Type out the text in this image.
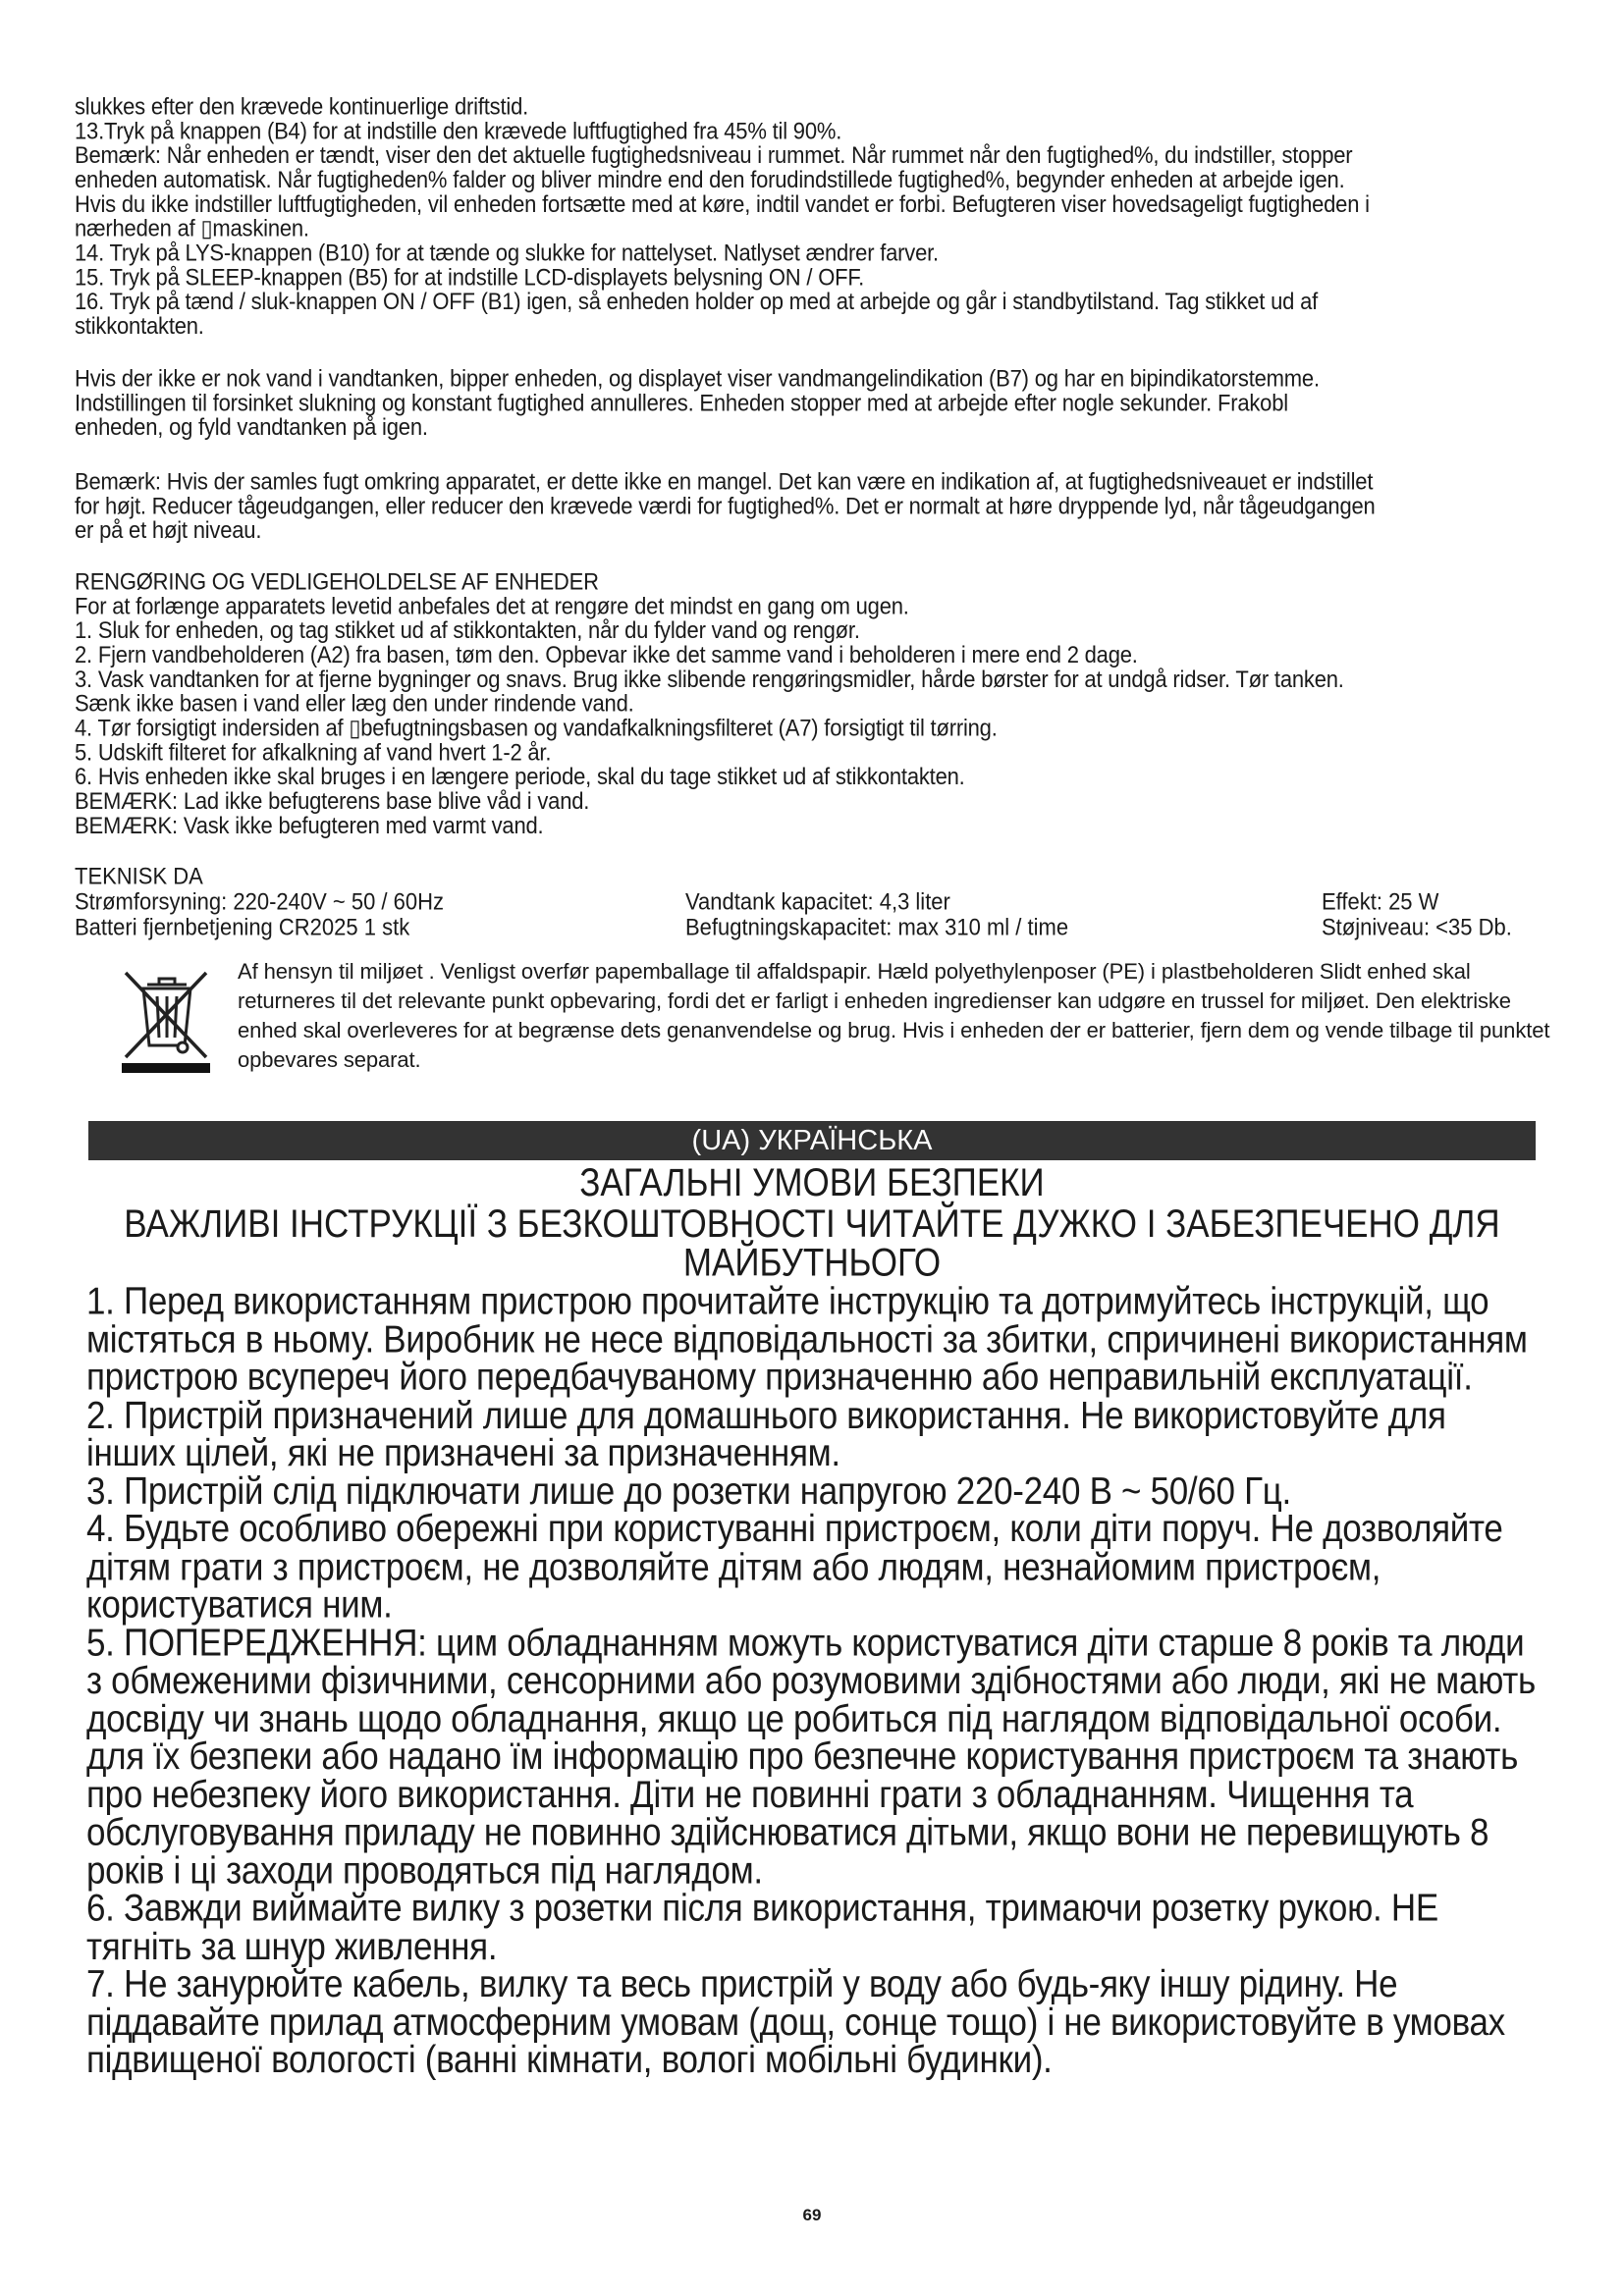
slukkes efter den krævede kontinuerlige driftstid.

13.Tryk på knappen (B4) for at indstille den krævede luftfugtighed fra 45% til 90%.

Bemærk: Når enheden er tændt, viser den det aktuelle fugtighedsniveau i rummet. Når rummet når den fugtighed%, du indstiller, stopper

enheden automatisk. Når fugtigheden% falder og bliver mindre end den forudindstillede fugtighed%, begynder enheden at arbejde igen.

Hvis du ikke indstiller luftfugtigheden, vil enheden fortsætte med at køre, indtil vandet er forbi. Befugteren viser hovedsageligt fugtigheden i

nærheden af ▯maskinen.

14. Tryk på LYS-knappen (B10) for at tænde og slukke for nattelyset. Natlyset ændrer farver.

15. Tryk på SLEEP-knappen (B5) for at indstille LCD-displayets belysning ON / OFF.

16. Tryk på tænd / sluk-knappen ON / OFF (B1) igen, så enheden holder op med at arbejde og går i standbytilstand. Tag stikket ud af

stikkontakten.

Hvis der ikke er nok vand i vandtanken, bipper enheden, og displayet viser vandmangelindikation (B7) og har en bipindikatorstemme.

Indstillingen til forsinket slukning og konstant fugtighed annulleres. Enheden stopper med at arbejde efter nogle sekunder. Frakobl

enheden, og fyld vandtanken på igen.

Bemærk: Hvis der samles fugt omkring apparatet, er dette ikke en mangel. Det kan være en indikation af, at fugtighedsniveauet er indstillet

for højt. Reducer tågeudgangen, eller reducer den krævede værdi for fugtighed%. Det er normalt at høre dryppende lyd, når tågeudgangen

er på et højt niveau.

RENGØRING OG VEDLIGEHOLDELSE AF ENHEDER

For at forlænge apparatets levetid anbefales det at rengøre det mindst en gang om ugen.

1. Sluk for enheden, og tag stikket ud af stikkontakten, når du fylder vand og rengør.

2. Fjern vandbeholderen (A2) fra basen, tøm den. Opbevar ikke det samme vand i beholderen i mere end 2 dage.

3. Vask vandtanken for at fjerne bygninger og snavs. Brug ikke slibende rengøringsmidler, hårde børster for at undgå ridser. Tør tanken.

Sænk ikke basen i vand eller læg den under rindende vand.

4. Tør forsigtigt indersiden af ▯befugtningsbasen og vandafkalkningsfilteret (A7) forsigtigt til tørring.

5. Udskift filteret for afkalkning af vand hvert 1-2 år.

6. Hvis enheden ikke skal bruges i en længere periode, skal du tage stikket ud af stikkontakten.

BEMÆRK: Lad ikke befugterens base blive våd i vand.

BEMÆRK: Vask ikke befugteren med varmt vand.

TEKNISK DA

Strømforsyning: 220-240V ~ 50 / 60Hz

Batteri fjernbetjening CR2025 1 stk

Vandtank kapacitet: 4,3 liter

Befugtningskapacitet: max 310 ml / time

Effekt: 25 W

Støjniveau: <35 Db.

Af hensyn til miljøet . Venligst overfør papemballage til affaldspapir. Hæld polyethylenposer (PE) i plastbeholderen Slidt enhed skal returneres til det relevante punkt opbevaring, fordi det er farligt i enheden ingredienser kan udgøre en trussel for miljøet. Den elektriske enhed skal overleveres for at begrænse dets genanvendelse og brug. Hvis i enheden der er batterier, fjern dem og vende tilbage til punktet opbevares separat.
(UA) УКРАЇНСЬКА
ЗАГАЛЬНІ УМОВИ БЕЗПЕКИ
ВАЖЛИВІ ІНСТРУКЦІЇ З БЕЗКОШТОВНОСТІ ЧИТАЙТЕ ДУЖКО І ЗАБЕЗПЕЧЕНО ДЛЯ МАЙБУТНЬОГО

1. Перед використанням пристрою прочитайте інструкцію та дотримуйтесь інструкцій, що містяться в ньому. Виробник не несе відповідальності за збитки, спричинені використанням пристрою всупереч його передбачуваному призначенню або неправильній експлуатації.

2. Пристрій призначений лише для домашнього використання. Не використовуйте для інших цілей, які не призначені за призначенням.

3. Пристрій слід підключати лише до розетки напругою 220-240 В ~ 50/60 Гц.

4. Будьте особливо обережні при користуванні пристроєм, коли діти поруч. Не дозволяйте дітям грати з пристроєм, не дозволяйте дітям або людям, незнайомим пристроєм, користуватися ним.

5. ПОПЕРЕДЖЕННЯ: цим обладнанням можуть користуватися діти старше 8 років та люди з обмеженими фізичними, сенсорними або розумовими здібностями або люди, які не мають досвіду чи знань щодо обладнання, якщо це робиться під наглядом відповідальної особи. для їх безпеки або надано їм інформацію про безпечне користування пристроєм та знають про небезпеку його використання. Діти не повинні грати з обладнанням. Чищення та обслуговування приладу не повинно здійснюватися дітьми, якщо вони не перевищують 8 років і ці заходи проводяться під наглядом.

6. Завжди виймайте вилку з розетки після використання, тримаючи розетку рукою. НЕ тягніть за шнур живлення.

7. Не занурюйте кабель, вилку та весь пристрій у воду або будь-яку іншу рідину. Не піддавайте прилад атмосферним умовам (дощ, сонце тощо) і не використовуйте в умовах підвищеної вологості (ванні кімнати, вологі мобільні будинки).

69
